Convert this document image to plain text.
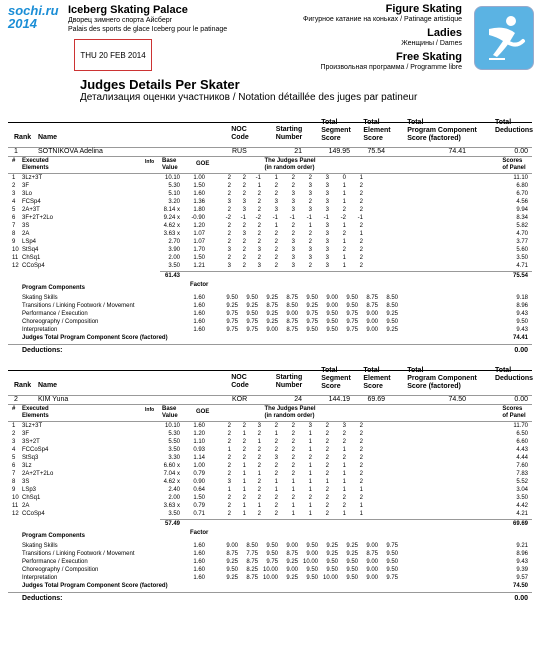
sochi.ru
2014
Iceberg Skating Palace
Дворец зимнего спорта Айсберг
Palais des sports de glace Iceberg pour le patinage
Figure Skating
Фигурное катание на коньках / Patinage artistique
Ladies
Женщины / Dames
Free Skating
Произвольная программа / Programme libre
THU 20 FEB 2014
Judges Details Per Skater
Детализация оценки участников / Notation détaillée des juges par patineur
Rank Name
NOC
Code
Starting
Number
Total
Segment
Score
Total
Element
Score
Total
Program Component
Score (factored)
Total
Deductions
1	SOTNIKOVA Adelina	RUS	21	149.95 75.54	74.41	0.00
# Executed
Elements
Info Base
Value
GOE	The Judges Panel
(in random order)
Scores
of Panel
1 3Lz+3T	10.10 1.00	2 2 -1 1 2 2 3 0 1	11.10
2 3F	5.30 1.50	2 2 1 2 2 3 3 1 2	6.80
3 3Lo	5.10 1.60	2 2 2 2 3 3 3 1 2	6.70
4 FCSp4	3.20 1.36	3 3 2 3 3 2 3 1 2	4.56
5 2A+3T	8.14 x 1.80	2 3 2 3 3 3 3 2 2	9.94
6 3F+2T+2Lo	9.24 x -0.90	-2 -1 -2 -1 -1 -1 -1 -2 -1	8.34
7 3S	4.62 x 1.20	2 2 2 1 2 1 3 1 2	5.82
8 2A	3.63 x 1.07	2 3 2 2 2 2 3 2 1	4.70
9 LSp4	2.70 1.07	2 2 2 2 3 2 3 1 2	3.77
10 StSq4	3.90 1.70	3 2 3 2 3 3 3 2 2	5.60
11 ChSq1	2.00 1.50	2 2 2 2 3 3 3 1 2	3.50
12 CCoSp4	3.50 1.21	3 2 3 2 3 2 3 1 2	4.71
61.43	75.54
Program Components	Factor
Skating Skills	1.60	9.50 9.50 9.25 8.75 9.50 9.00 9.50 8.75 8.50	9.18
Transitions / Linking Footwork / Movement	1.60	9.25 9.25 8.75 8.50 9.25 9.00 9.50 8.75 8.50	8.96
Performance / Execution	1.60	9.75 9.50 9.25 9.00 9.75 9.50 9.75 9.00 9.25	9.43
Choreography / Composition	1.60	9.75 9.75 9.25 8.75 9.75 9.50 9.75 9.00 9.50	9.50
Interpretation	1.60	9.75 9.75 9.00 8.75 9.50 9.50 9.75 9.00 9.25	9.43
Judges Total Program Component Score (factored)	74.41
Deductions:	0.00
Rank Name
NOC
Code
Starting
Number
Total
Segment
Score
Total
Element
Score
Total
Program Component
Score (factored)
Total
Deductions
2	KIM Yuna	KOR	24	144.19 69.69	74.50	0.00
# Executed
Elements
Info Base
Value
GOE	The Judges Panel
(in random order)
Scores
of Panel
1 3Lz+3T	10.10 1.60	2 2 3 2 2 3 2 3 2	11.70
2 3F	5.30 1.20	2 1 2 1 2 1 2 2 2	6.50
3 3S+2T	5.50 1.10	2 2 1 2 2 1 2 2 2	6.60
4 FCCoSp4	3.50 0.93	1 2 2 2 2 1 2 1 2	4.43
5 StSq3	3.30 1.14	2 2 2 3 2 2 2 2 2	4.44
6 3Lz	6.60 x 1.00	2 1 2 2 2 1 2 1 2	7.60
7 2A+2T+2Lo	7.04 x 0.79	2 1 1 2 2 1 2 1 2	7.83
8 3S	4.62 x 0.90	3 1 2 1 1 1 1 1 2	5.52
9 LSp3	2.40 0.64	1 1 2 1 1 1 2 1 1	3.04
10 ChSq1	2.00 1.50	2 2 2 2 2 2 2 2 2	3.50
11 2A	3.63 x 0.79	2 1 1 2 1 1 2 2 1	4.42
12 CCoSp4	3.50 0.71	2 1 2 2 1 1 2 1 1	4.21
57.49	69.69
Program Components	Factor
Skating Skills	1.60	9.00 8.50 9.50 9.00 9.50 9.25 9.25 9.00 9.75	9.21
Transitions / Linking Footwork / Movement	1.60	8.75 7.75 9.50 8.75 9.00 9.25 9.25 8.75 9.50	8.96
Performance / Execution	1.60	9.25 8.75 9.75 9.25 10.00 9.50 9.50 9.00 9.50	9.43
Choreography / Composition	1.60	9.50 8.25 10.00 9.00 9.50 9.50 9.50 9.00 9.50	9.39
Interpretation	1.60	9.25 8.75 10.00 9.25 9.50 10.00 9.50 9.00 9.75	9.57
Judges Total Program Component Score (factored)	74.50
Deductions:	0.00
